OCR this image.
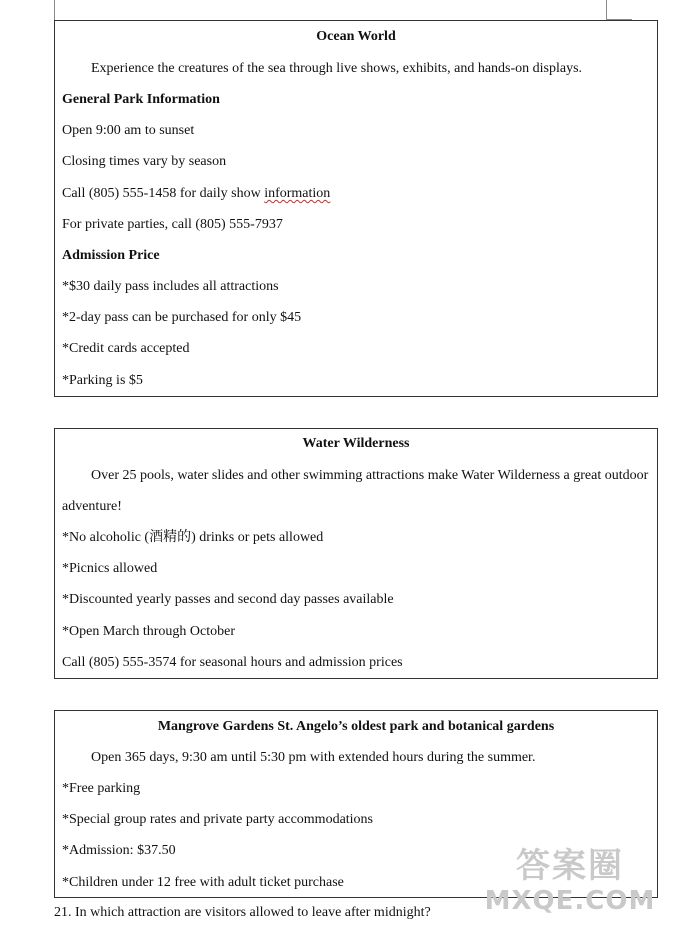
Ocean World
Experience the creatures of the sea through live shows, exhibits, and hands-on displays.
General Park Information
Open 9:00 am to sunset
Closing times vary by season
Call (805) 555-1458 for daily show information
For private parties, call (805) 555-7937
Admission Price
*$30 daily pass includes all attractions
*2-day pass can be purchased for only $45
*Credit cards accepted
*Parking is $5
Water Wilderness
Over 25 pools, water slides and other swimming attractions make Water Wilderness a great outdoor
adventure!
*No alcoholic (酒精的) drinks or pets allowed
*Picnics allowed
*Discounted yearly passes and second day passes available
*Open March through October
Call (805) 555-3574 for seasonal hours and admission prices
Mangrove Gardens St. Angelo’s oldest park and botanical gardens
Open 365 days, 9:30 am until 5:30 pm with extended hours during the summer.
*Free parking
*Special group rates and private party accommodations
*Admission: $37.50
*Children under 12 free with adult ticket purchase
21. In which attraction are visitors allowed to leave after midnight?
答案圈
MXQE.COM
